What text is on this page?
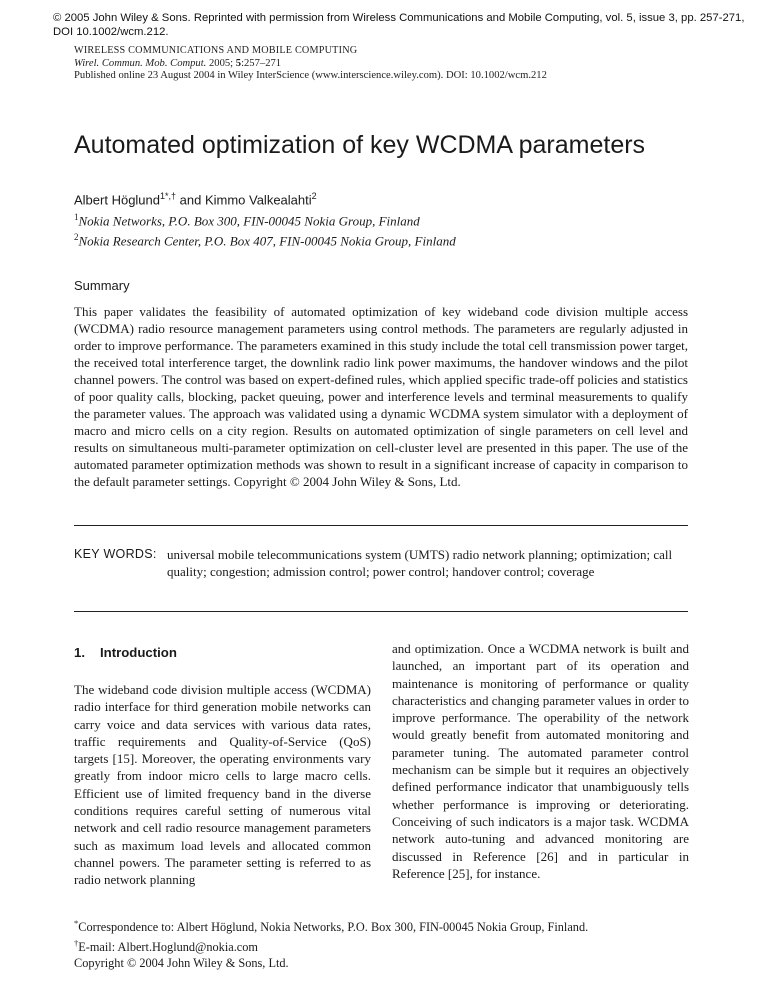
© 2005 John Wiley & Sons. Reprinted with permission from Wireless Communications and Mobile Computing, vol. 5, issue 3, pp. 257-271, DOI 10.1002/wcm.212.
WIRELESS COMMUNICATIONS AND MOBILE COMPUTING
Wirel. Commun. Mob. Comput. 2005; 5:257–271
Published online 23 August 2004 in Wiley InterScience (www.interscience.wiley.com). DOI: 10.1002/wcm.212
Automated optimization of key WCDMA parameters
Albert Höglund$^{1*,\dagger}$ and Kimmo Valkealahti$^2$
$^1$Nokia Networks, P.O. Box 300, FIN-00045 Nokia Group, Finland
$^2$Nokia Research Center, P.O. Box 407, FIN-00045 Nokia Group, Finland
Summary
This paper validates the feasibility of automated optimization of key wideband code division multiple access (WCDMA) radio resource management parameters using control methods. The parameters are regularly adjusted in order to improve performance. The parameters examined in this study include the total cell transmission power target, the received total interference target, the downlink radio link power maximums, the handover windows and the pilot channel powers. The control was based on expert-defined rules, which applied specific trade-off policies and statistics of poor quality calls, blocking, packet queuing, power and interference levels and terminal measurements to qualify the parameter values. The approach was validated using a dynamic WCDMA system simulator with a deployment of macro and micro cells on a city region. Results on automated optimization of single parameters on cell level and results on simultaneous multi-parameter optimization on cell-cluster level are presented in this paper. The use of the automated parameter optimization methods was shown to result in a significant increase of capacity in comparison to the default parameter settings. Copyright © 2004 John Wiley & Sons, Ltd.
KEY WORDS: universal mobile telecommunications system (UMTS) radio network planning; optimization; call quality; congestion; admission control; power control; handover control; coverage
1. Introduction

The wideband code division multiple access (WCDMA) radio interface for third generation mobile networks can carry voice and data services with various data rates, traffic requirements and Quality-of-Service (QoS) targets [15]. Moreover, the operating environments vary greatly from indoor micro cells to large macro cells. Efficient use of limited frequency band in the diverse conditions requires careful setting of numerous vital network and cell radio resource management parameters such as maximum load levels and allocated common channel powers. The parameter setting is referred to as radio network planning

and optimization. Once a WCDMA network is built and launched, an important part of its operation and maintenance is monitoring of performance or quality characteristics and changing parameter values in order to improve performance. The operability of the network would greatly benefit from automated monitoring and parameter tuning. The automated parameter control mechanism can be simple but it requires an objectively defined performance indicator that unambiguously tells whether performance is improving or deteriorating. Conceiving of such indicators is a major task. WCDMA network auto-tuning and advanced monitoring are discussed in Reference [26] and in particular in Reference [25], for instance.

*Correspondence to: Albert Höglund, Nokia Networks, P.O. Box 300, FIN-00045 Nokia Group, Finland.
†E-mail: Albert.Hoglund@nokia.com
Copyright © 2004 John Wiley & Sons, Ltd.
